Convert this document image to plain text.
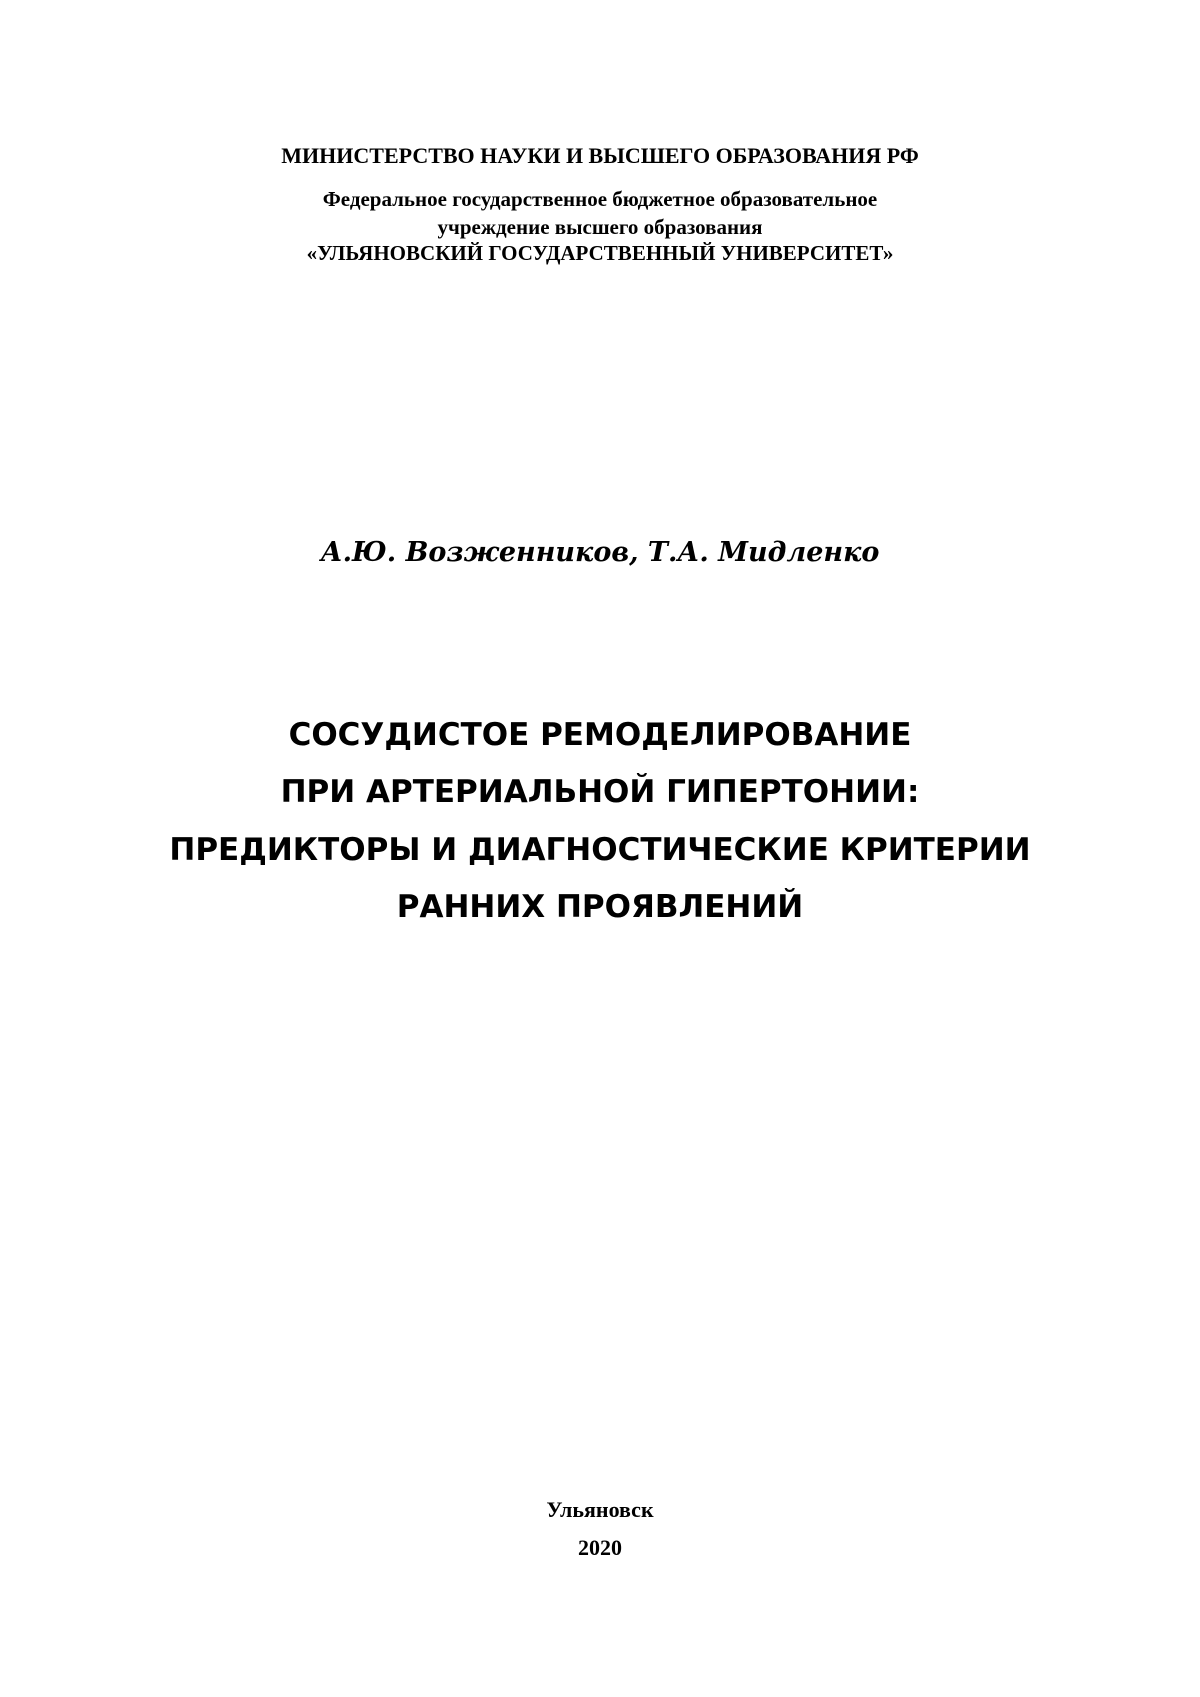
МИНИСТЕРСТВО НАУКИ И ВЫСШЕГО ОБРАЗОВАНИЯ РФ
Федеральное государственное бюджетное образовательное
учреждение высшего образования
«УЛЬЯНОВСКИЙ ГОСУДАРСТВЕННЫЙ УНИВЕРСИТЕТ»
А.Ю. Возженников, Т.А. Мидленко
СОСУДИСТОЕ РЕМОДЕЛИРОВАНИЕ
ПРИ АРТЕРИАЛЬНОЙ ГИПЕРТОНИИ:
ПРЕДИКТОРЫ И ДИАГНОСТИЧЕСКИЕ КРИТЕРИИ
РАННИХ ПРОЯВЛЕНИЙ
Ульяновск
2020
